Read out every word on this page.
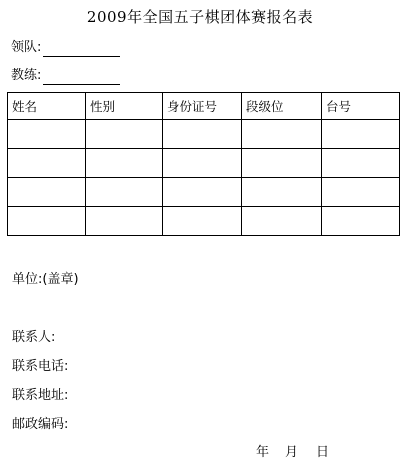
2009年全国五子棋团体赛报名表
领队:
教练:
姓名	性别	身份证号	段级位	台号

单位:(盖章)
联系人:
联系电话:
联系地址:
邮政编码:
年	月	日
